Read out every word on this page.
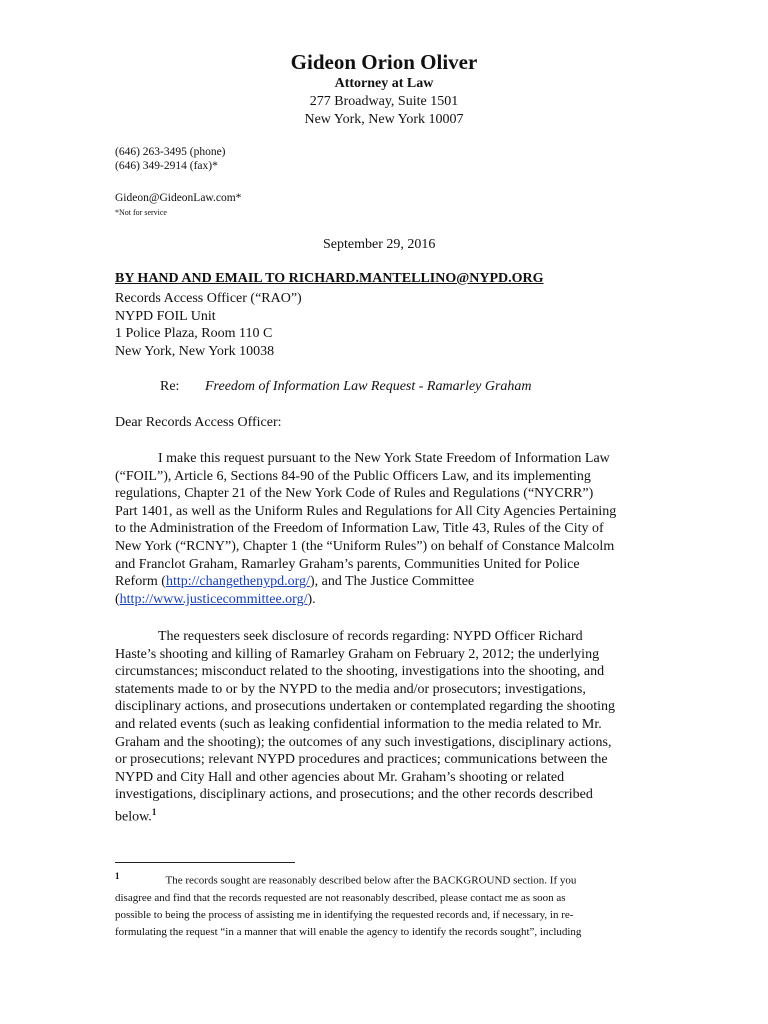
Gideon Orion Oliver
Attorney at Law
277 Broadway, Suite 1501
New York, New York 10007
(646) 263-3495 (phone)
(646) 349-2914 (fax)*
Gideon@GideonLaw.com*
*Not for service
September 29, 2016
BY HAND AND EMAIL TO RICHARD.MANTELLINO@NYPD.ORG
Records Access Officer (“RAO”)
NYPD FOIL Unit
1 Police Plaza, Room 110 C
New York, New York 10038
Re: Freedom of Information Law Request - Ramarley Graham
Dear Records Access Officer:
I make this request pursuant to the New York State Freedom of Information Law
(“FOIL”), Article 6, Sections 84-90 of the Public Officers Law, and its implementing
regulations, Chapter 21 of the New York Code of Rules and Regulations (“NYCRR”)
Part 1401, as well as the Uniform Rules and Regulations for All City Agencies Pertaining
to the Administration of the Freedom of Information Law, Title 43, Rules of the City of
New York (“RCNY”), Chapter 1 (the “Uniform Rules”) on behalf of Constance Malcolm
and Franclot Graham, Ramarley Graham’s parents, Communities United for Police
Reform (http://changethenypd.org/), and The Justice Committee
(http://www.justicecommittee.org/).
The requesters seek disclosure of records regarding: NYPD Officer Richard
Haste’s shooting and killing of Ramarley Graham on February 2, 2012; the underlying
circumstances; misconduct related to the shooting, investigations into the shooting, and
statements made to or by the NYPD to the media and/or prosecutors; investigations,
disciplinary actions, and prosecutions undertaken or contemplated regarding the shooting
and related events (such as leaking confidential information to the media related to Mr.
Graham and the shooting); the outcomes of any such investigations, disciplinary actions,
or prosecutions; relevant NYPD procedures and practices; communications between the
NYPD and City Hall and other agencies about Mr. Graham’s shooting or related
investigations, disciplinary actions, and prosecutions; and the other records described
below.$^1$
$^1$	The records sought are reasonably described below after the BACKGROUND section. If you
disagree and find that the records requested are not reasonably described, please contact me as soon as
possible to being the process of assisting me in identifying the requested records and, if necessary, in re-
formulating the request “in a manner that will enable the agency to identify the records sought”, including
